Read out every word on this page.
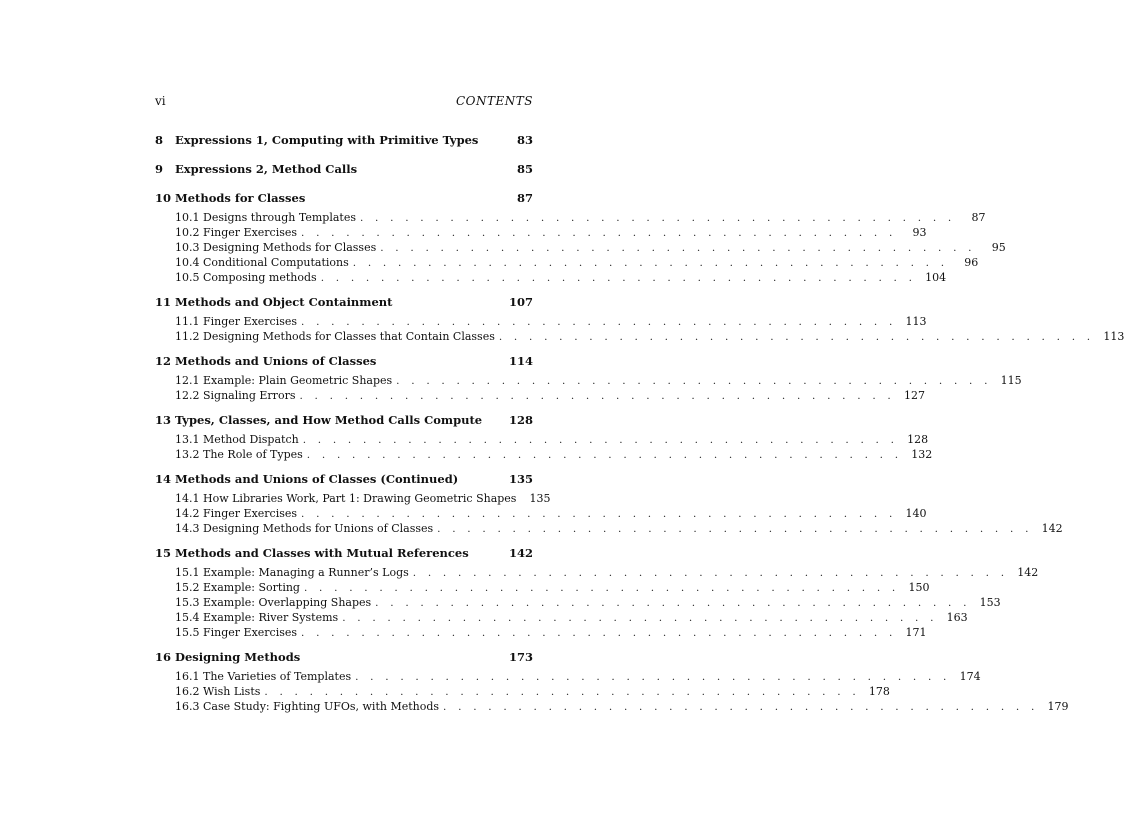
vi	CONTENTS
8	Expressions 1, Computing with Primitive Types	83
9	Expressions 2, Method Calls	85
10 Methods for Classes	87
10.1 Designs through Templates . . . . . . . . . . . . . . . . . . . . . . . . . . . . . . . . . . . . . . . .	87
10.2 Finger Exercises . . . . . . . . . . . . . . . . . . . . . . . . . . . . . . . . . . . . . . . .	93
10.3 Designing Methods for Classes . . . . . . . . . . . . . . . . . . . . . . . . . . . . . . . . . . . . . . . .	95
10.4 Conditional Computations . . . . . . . . . . . . . . . . . . . . . . . . . . . . . . . . . . . . . . . .	96
10.5 Composing methods . . . . . . . . . . . . . . . . . . . . . . . . . . . . . . . . . . . . . . . . 104
11 Methods and Object Containment	107
11.1 Finger Exercises . . . . . . . . . . . . . . . . . . . . . . . . . . . . . . . . . . . . . . . . 113
11.2 Designing Methods for Classes that Contain Classes . . . . . . . . . . . . . . . . . . . . . . . . . . . . . . . . . . . . . . . . 113
12 Methods and Unions of Classes	114
12.1 Example: Plain Geometric Shapes . . . . . . . . . . . . . . . . . . . . . . . . . . . . . . . . . . . . . . . . 115
12.2 Signaling Errors . . . . . . . . . . . . . . . . . . . . . . . . . . . . . . . . . . . . . . . . 127
13 Types, Classes, and How Method Calls Compute	128
13.1 Method Dispatch . . . . . . . . . . . . . . . . . . . . . . . . . . . . . . . . . . . . . . . . 128
13.2 The Role of Types . . . . . . . . . . . . . . . . . . . . . . . . . . . . . . . . . . . . . . . . 132
14 Methods and Unions of Classes (Continued)	135
14.1 How Libraries Work, Part 1: Drawing Geometric Shapes	135
14.2 Finger Exercises . . . . . . . . . . . . . . . . . . . . . . . . . . . . . . . . . . . . . . . . 140
14.3 Designing Methods for Unions of Classes . . . . . . . . . . . . . . . . . . . . . . . . . . . . . . . . . . . . . . . . 142
15 Methods and Classes with Mutual References	142
15.1 Example: Managing a Runner’s Logs . . . . . . . . . . . . . . . . . . . . . . . . . . . . . . . . . . . . . . . . 142
15.2 Example: Sorting . . . . . . . . . . . . . . . . . . . . . . . . . . . . . . . . . . . . . . . . 150
15.3 Example: Overlapping Shapes . . . . . . . . . . . . . . . . . . . . . . . . . . . . . . . . . . . . . . . . 153
15.4 Example: River Systems . . . . . . . . . . . . . . . . . . . . . . . . . . . . . . . . . . . . . . . . 163
15.5 Finger Exercises . . . . . . . . . . . . . . . . . . . . . . . . . . . . . . . . . . . . . . . . 171
16 Designing Methods	173
16.1 The Varieties of Templates . . . . . . . . . . . . . . . . . . . . . . . . . . . . . . . . . . . . . . . . 174
16.2 Wish Lists . . . . . . . . . . . . . . . . . . . . . . . . . . . . . . . . . . . . . . . . 178
16.3 Case Study: Fighting UFOs, with Methods . . . . . . . . . . . . . . . . . . . . . . . . . . . . . . . . . . . . . . . . 179
